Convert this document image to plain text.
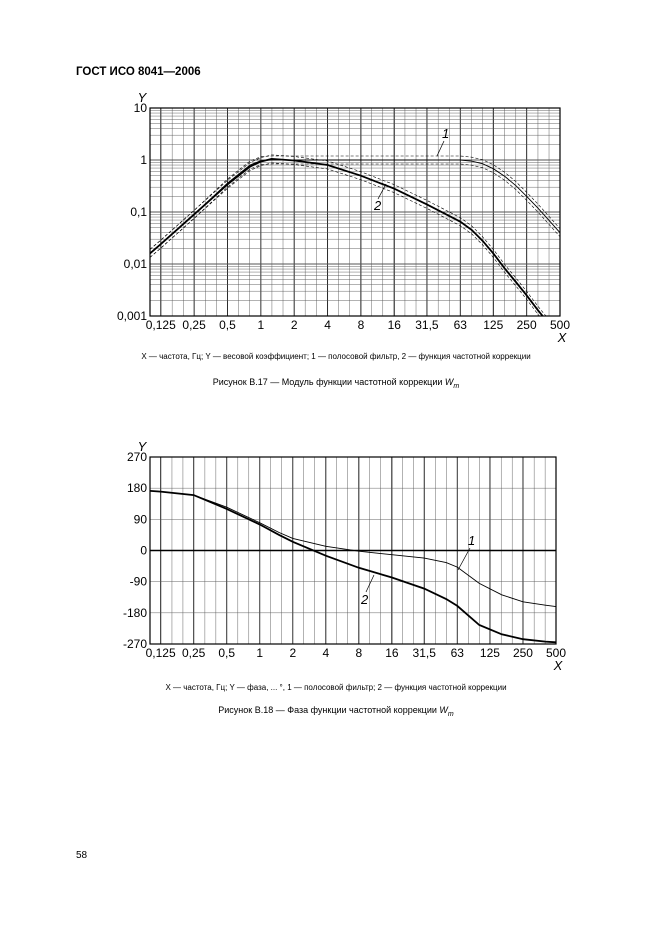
ГОСТ ИСО 8041—2006
0,125 0,25 0,5 1 2 4 8 16 31,5 63 125 250 500
10
1
0,1
0,01
0,001
X
Y
1
2
0,125 0,25 0,5 1 2 4 8 16 31,5 63 125 250 500
270
180
90
0
-90
-180
-270
X
Y
1
2
X — частота, Гц; Y — весовой коэффициент; 1 — полосовой фильтр, 2 — функция частотной коррекции
Рисунок В.17 — Модуль функции частотной коррекции $W_m$
X — частота, Гц; Y — фаза, ... °, 1 — полосовой фильтр; 2 — функция частотной коррекции
Рисунок В.18 — Фаза функции частотной коррекции $W_m$
58
